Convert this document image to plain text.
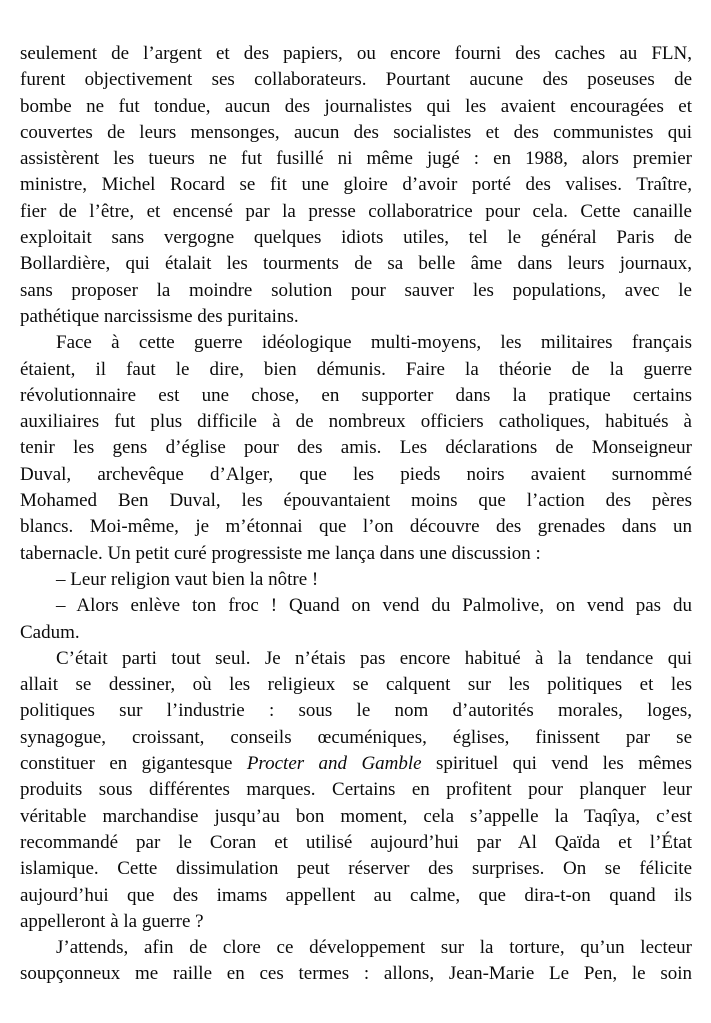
seulement de l’argent et des papiers, ou encore fourni des caches au FLN,
furent objectivement ses collaborateurs. Pourtant aucune des poseuses de
bombe ne fut tondue, aucun des journalistes qui les avaient encouragées et
couvertes de leurs mensonges, aucun des socialistes et des communistes qui
assistèrent les tueurs ne fut fusillé ni même jugé : en 1988, alors premier
ministre, Michel Rocard se fit une gloire d’avoir porté des valises. Traître,
fier de l’être, et encensé par la presse collaboratrice pour cela. Cette canaille
exploitait sans vergogne quelques idiots utiles, tel le général Paris de
Bollardière, qui étalait les tourments de sa belle âme dans leurs journaux,
sans proposer la moindre solution pour sauver les populations, avec le
pathétique narcissisme des puritains.
Face à cette guerre idéologique multi-moyens, les militaires français
étaient, il faut le dire, bien démunis. Faire la théorie de la guerre
révolutionnaire est une chose, en supporter dans la pratique certains
auxiliaires fut plus difficile à de nombreux officiers catholiques, habitués à
tenir les gens d’église pour des amis. Les déclarations de Monseigneur
Duval, archevêque d’Alger, que les pieds noirs avaient surnommé
Mohamed Ben Duval, les épouvantaient moins que l’action des pères
blancs. Moi-même, je m’étonnai que l’on découvre des grenades dans un
tabernacle. Un petit curé progressiste me lança dans une discussion :
– Leur religion vaut bien la nôtre !
– Alors enlève ton froc ! Quand on vend du Palmolive, on vend pas du
Cadum.
C’était parti tout seul. Je n’étais pas encore habitué à la tendance qui
allait se dessiner, où les religieux se calquent sur les politiques et les
politiques sur l’industrie : sous le nom d’autorités morales, loges,
synagogue, croissant, conseils œcuméniques, églises, finissent par se
constituer en gigantesque Procter and Gamble spirituel qui vend les mêmes
produits sous différentes marques. Certains en profitent pour planquer leur
véritable marchandise jusqu’au bon moment, cela s’appelle la Taqîya, c’est
recommandé par le Coran et utilisé aujourd’hui par Al Qaïda et l’État
islamique. Cette dissimulation peut réserver des surprises. On se félicite
aujourd’hui que des imams appellent au calme, que dira-t-on quand ils
appelleront à la guerre ?
J’attends, afin de clore ce développement sur la torture, qu’un lecteur
soupçonneux me raille en ces termes : allons, Jean-Marie Le Pen, le soin
